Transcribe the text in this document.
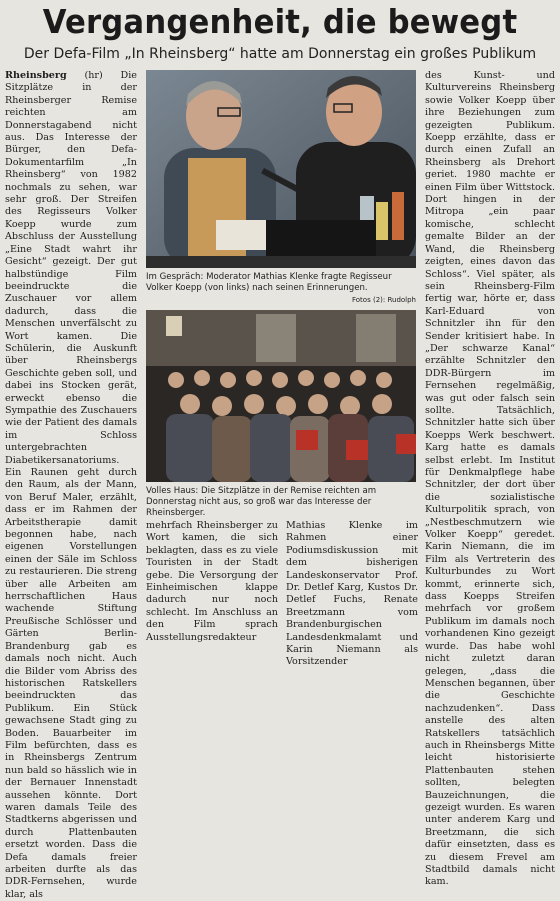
Vergangenheit, die bewegt
Der Defa-Film „In Rheinsberg“ hatte am Donnerstag ein großes Publikum

Rheinsberg (hr) Die Sitzplätze in der Rheinsberger Remise reichten am Donnerstagabend nicht aus. Das Interesse der Bürger, den Defa-Dokumentarfilm „In Rheinsberg“ von 1982 nochmals zu sehen, war sehr groß. Der Streifen des Regisseurs Volker Koepp wurde zum Abschluss der Ausstellung „Eine Stadt wahrt ihr Gesicht“ gezeigt. Der gut halbstündige Film beeindruckte die Zuschauer vor allem dadurch, dass die Menschen unverfälscht zu Wort kamen. Die Schülerin, die Auskunft über Rheinsbergs Geschichte geben soll, und dabei ins Stocken gerät, erweckt ebenso die Sympathie des Zuschauers wie der Patient des damals im Schloss untergebrachten Diabetikersanatoriums. Ein Raunen geht durch den Raum, als der Mann, von Beruf Maler, erzählt, dass er im Rahmen der Arbeitstherapie damit begonnen habe, nach eigenen Vorstellungen einen der Säle im Schloss zu restaurieren. Die streng über alle Arbeiten am herrschaftlichen Haus wachende Stiftung Preußische Schlösser und Gärten Berlin-Brandenburg gab es damals noch nicht. Auch die Bilder vom Abriss des historischen Ratskellers beeindruckten das Publikum. Ein Stück gewachsene Stadt ging zu Boden. Bauarbeiter im Film befürchten, dass es in Rheinsbergs Zentrum nun bald so hässlich wie in der Bernauer Innenstadt aussehen könnte. Dort waren damals Teile des Stadtkerns abgerissen und durch Plattenbauten ersetzt worden. Dass die Defa damals freier arbeiten durfte als das DDR-Fernsehen, wurde klar, als

Im Gespräch: Moderator Mathias Klenke fragte Regisseur Volker Koepp (von links) nach seinen Erinnerungen.
Fotos (2): Rudolph
Volles Haus: Die Sitzplätze in der Remise reichten am Donnerstag nicht aus, so groß war das Interesse der Rheinsberger.
mehrfach Rheinsberger zu Wort kamen, die sich beklagten, dass es zu viele Touristen in der Stadt gebe. Die Versorgung der Einheimischen klappe dadurch nur noch schlecht. Im Anschluss an den Film sprach Ausstellungsredakteur
Mathias Klenke im Rahmen einer Podiumsdiskussion mit dem bisherigen Landeskonservator Prof. Dr. Detlef Karg, Kustos Dr. Detlef Fuchs, Renate Breetzmann vom Brandenburgischen Landesdenkmalamt und Karin Niemann als Vorsitzender
des Kunst- und Kulturvereins Rheinsberg sowie Volker Koepp über ihre Beziehungen zum gezeigten Publikum. Koepp erzählte, dass er durch einen Zufall an Rheinsberg als Drehort geriet. 1980 machte er einen Film über Wittstock. Dort hingen in der Mitropa „ein paar komische, schlecht gemalte Bilder an der Wand, die Rheinsberg zeigten, eines davon das Schloss“. Viel später, als sein Rheinsberg-Film fertig war, hörte er, dass Karl-Eduard von Schnitzler ihn für den Sender kritisiert habe. In „Der schwarze Kanal“ erzählte Schnitzler den DDR-Bürgern im Fernsehen regelmäßig, was gut oder falsch sein sollte. Tatsächlich, Schnitzler hatte sich über Koepps Werk beschwert. Karg hatte es damals selbst erlebt. Im Institut für Denkmalpflege habe Schnitzler, der dort über die sozialistische Kulturpolitik sprach, von „Nestbeschmutzern wie Volker Koepp“ geredet. Karin Niemann, die im Film als Vertreterin des Kulturbundes zu Wort kommt, erinnerte sich, dass Koepps Streifen mehrfach vor großem Publikum im damals noch vorhandenen Kino gezeigt wurde. Das habe wohl nicht zuletzt daran gelegen, „dass die Menschen begannen, über die Geschichte nachzudenken“. Dass anstelle des alten Ratskellers tatsächlich auch in Rheinsbergs Mitte leicht historisierte Plattenbauten stehen sollten, belegten Bauzeichnungen, die gezeigt wurden. Es waren unter anderem Karg und Breetzmann, die sich dafür einsetzten, dass es zu diesem Frevel am Stadtbild damals nicht kam.
